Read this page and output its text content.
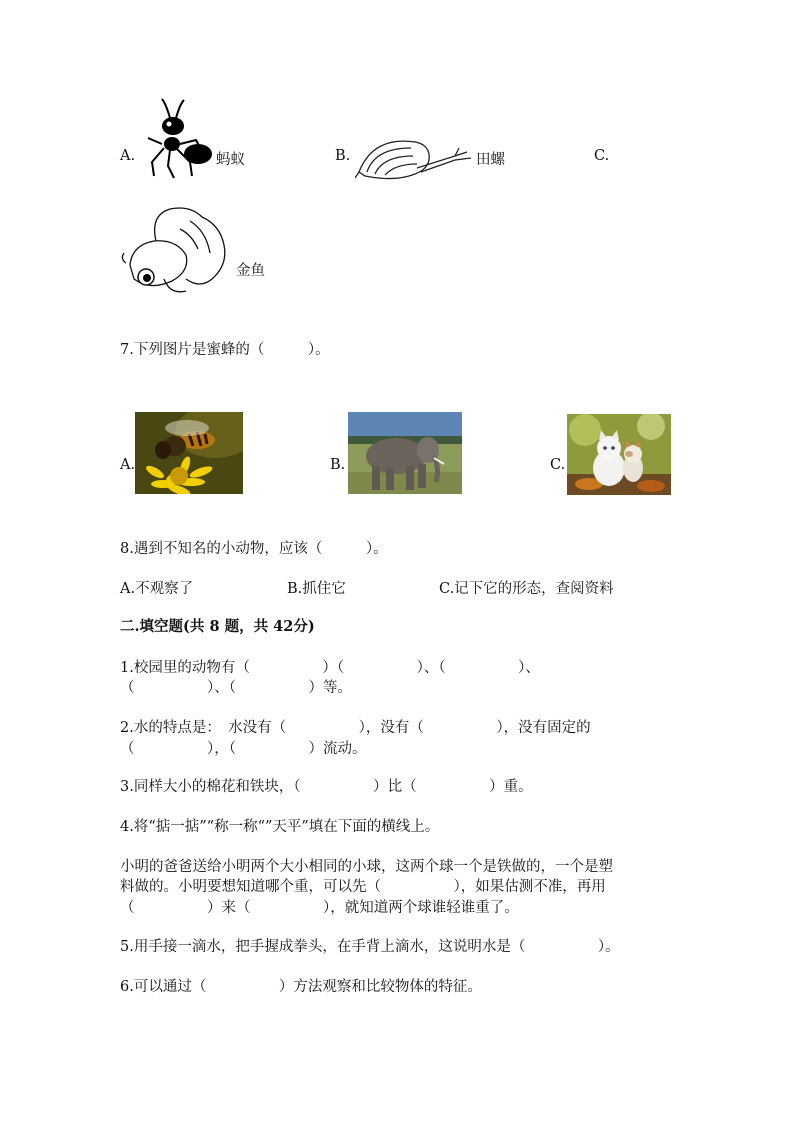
A.	蚂蚁	B.	田螺	C.
金鱼
7.下列图片是蜜蜂的（　　　）。
A.	B.	C.
8.遇到不知名的小动物，应该（　　　）。
A.不观察了	B.抓住它	C.记下它的形态，查阅资料
二.填空题(共 8 题，共 42分)
1.校园里的动物有（　　　　　）（　　　　　）、（　　　　　）、
（　　　　　）、（　　　　　）等。
2.水的特点是：　水没有（　　　　　），没有（　　　　　），没有固定的
（　　　　　），（　　　　　）流动。
3.同样大小的棉花和铁块，（　　　　　）比（　　　　　）重。
4.将“掂一掂”“称一称“”天平”填在下面的横线上。
小明的爸爸送给小明两个大小相同的小球，这两个球一个是铁做的，一个是塑
料做的。小明要想知道哪个重，可以先（　　　　　），如果估测不准，再用
（　　　　　）来（　　　　　），就知道两个球谁轻谁重了。
5.用手接一滴水，把手握成拳头，在手背上滴水，这说明水是（　　　　　）。
6.可以通过（　　　　　）方法观察和比较物体的特征。
